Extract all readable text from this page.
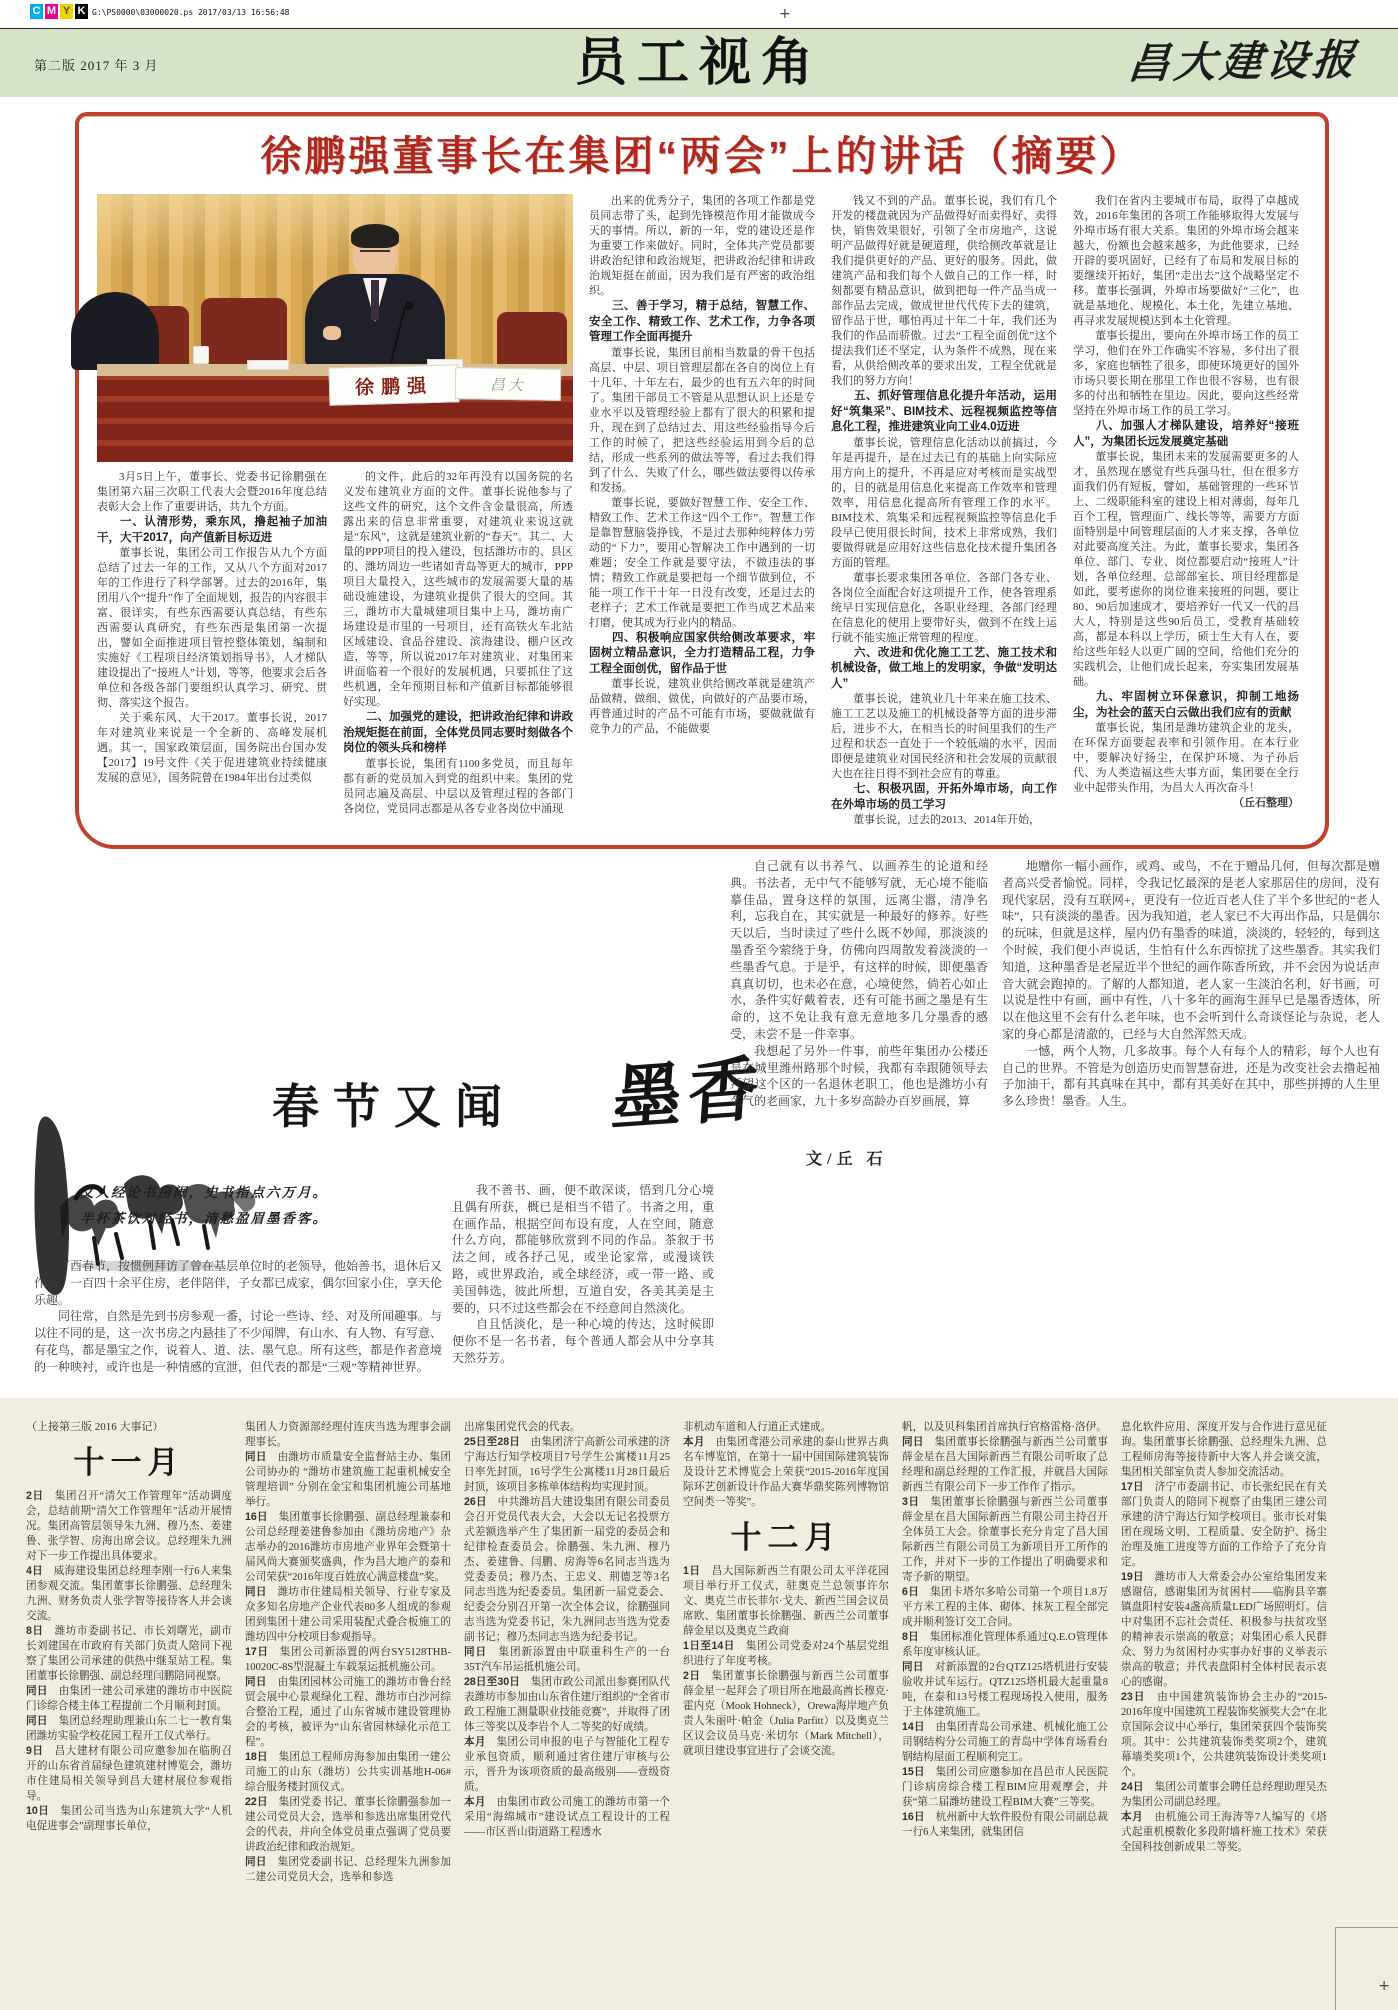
C M Y K G:\PS0000\03000020.ps 2017/03/13 16:56:48	+
第二版 2017 年 3 月	员工视角	昌大建设报
徐鹏强董事长在集团“两会”上的讲话（摘要）
徐鹏强	昌大

3月5日上午，董事长、党委书记徐鹏强在集团第六届三次职工代表大会暨2016年度总结表彰大会上作了重要讲话，共九个方面。

一、认清形势，乘东风，撸起袖子加油干，大干2017，向产值新目标迈进

董事长说，集团公司工作报告从九个方面总结了过去一年的工作，又从八个方面对2017年的工作进行了科学部署。过去的2016年，集团用八个“提升”作了全面规划，报告的内容很丰富、很详实，有些东西需要认真总结，有些东西需要认真研究，有些东西是集团第一次提出，譬如全面推进项目管控整体策划，编制和实施好《工程项目经济策划指导书》，人才梯队建设提出了“接班人”计划，等等，他要求会后各单位和各级各部门要组织认真学习、研究、贯彻、落实这个报告。

关于乘东风、大干2017。董事长说，2017年对建筑业来说是一个全新的、高峰发展机遇。其一，国家政策层面，国务院出台国办发【2017】19号文件《关于促进建筑业持续健康发展的意见》，国务院曾在1984年出台过类似

的文件，此后的32年再没有以国务院的名义发布建筑业方面的文件。董事长说他参与了这些文件的研究，这个文件含金量很高，所透露出来的信息非常重要，对建筑业来说这就是“东风”，这就是建筑业新的“春天”。其二、大量的PPP项目的投入建设，包括潍坊市的、县区的、潍坊周边一些诸如青岛等更大的城市，PPP项目大量投入，这些城市的发展需要大量的基础设施建设，为建筑业提供了很大的空间。其三，潍坊市大量城建项目集中上马，潍坊南广场建设是市里的一号项目，还有高铁火车北站区域建设、食品谷建设、滨海建设、棚户区改造，等等，所以说2017年对建筑业、对集团来讲面临着一个很好的发展机遇，只要抓住了这些机遇，全年预期目标和产值新目标都能够很好实现。

二、加强党的建设，把讲政治纪律和讲政治规矩挺在前面，全体党员同志要时刻做各个岗位的领头兵和榜样

董事长说，集团有1100多党员，而且每年都有新的党员加入到党的组织中来。集团的党员同志遍及高层、中层以及管理过程的各部门各岗位，党员同志都是从各专业各岗位中涌现

出来的优秀分子，集团的各项工作都是党员同志带了头，起到先锋模范作用才能做成今天的事情。所以，新的一年，党的建设还是作为重要工作来做好。同时，全体共产党员都要讲政治纪律和政治规矩，把讲政治纪律和讲政治规矩挺在前面，因为我们是有严密的政治组织。

三、善于学习，精于总结，智慧工作、安全工作、精致工作、艺术工作，力争各项管理工作全面再提升

董事长说，集团目前相当数量的骨干包括高层、中层、项目管理层都在各自的岗位上有十几年、十年左右，最少的也有五六年的时间了。集团干部员工不管是从思想认识上还是专业水平以及管理经验上都有了很大的积累和提升，现在到了总结过去、用这些经验指导今后工作的时候了，把这些经验运用到今后的总结，形成一些系列的做法等等，看过去我们得到了什么、失败了什么，哪些做法要得以传承和发扬。

董事长说，要做好智慧工作、安全工作、精致工作、艺术工作这“四个工作”。智慧工作是靠智慧脑袋挣钱，不是过去那种纯粹体力劳动的“下力”，要用心智解决工作中遇到的一切难题；安全工作就是要守法，不做违法的事情；精致工作就是要把每一个细节做到位，不能一项工作干十年一日没有改变，还是过去的老样子；艺术工作就是要把工作当成艺术品来打磨，使其成为行业内的精品。

四、积极响应国家供给侧改革要求，牢固树立精品意识，全力打造精品工程，力争工程全面创优，留作品于世

董事长说，建筑业供给侧改革就是建筑产品做精、做细、做优，向做好的产品要市场，再普通过时的产品不可能有市场，要做就做有竞争力的产品，不能做要

钱又不到的产品。董事长说，我们有几个开发的楼盘就因为产品做得好而卖得好、卖得快，销售效果很好，引领了全市房地产，这说明产品做得好就是硬道理，供给侧改革就是让我们提供更好的产品、更好的服务。因此，做建筑产品和我们每个人做自己的工作一样，时刻都要有精品意识，做到把每一件产品当成一部作品去完成，做成世世代代传下去的建筑，留作品于世，哪怕再过十年二十年，我们还为我们的作品而骄傲。过去“工程全面创优”这个提法我们还不坚定，认为条件不成熟，现在来看，从供给侧改革的要求出发，工程全优就是我们的努力方向！

五、抓好管理信息化提升年活动，运用好“筑集采”、BIM技术、远程视频监控等信息化工程，推进建筑业向工业4.0迈进

董事长说，管理信息化活动以前搞过，今年是再提升，是在过去已有的基础上向实际应用方向上的提升，不再是应对考核而是实战型的，目的就是用信息化来提高工作效率和管理效率，用信息化提高所有管理工作的水平。BIM技术、筑集采和远程视频监控等信息化手段早已使用很长时间，技术上非常成熟，我们要做得就是应用好这些信息化技术提升集团各方面的管理。

董事长要求集团各单位、各部门各专业、各岗位全面配合好这项提升工作，使各管理系统早日实现信息化，各职业经理、各部门经理在信息化的使用上要带好头，做到不在线上运行就不能实施正常管理的程度。

六、改进和优化施工工艺、施工技术和机械设备，做工地上的发明家，争做“发明达人”

董事长说，建筑业几十年来在施工技术、施工工艺以及施工的机械设备等方面的进步滞后，进步不大，在相当长的时间里我们的生产过程和状态一直处于一个较低端的水平，因而即便是建筑业对国民经济和社会发展的贡献很大也在往日得不到社会应有的尊重。

七、积极巩固，开拓外埠市场，向工作在外埠市场的员工学习

董事长说，过去的2013、2014年开始，

我们在省内主要城市布局，取得了卓越成效，2016年集团的各项工作能够取得大发展与外埠市场有很大关系。集团的外埠市场会越来越大，份额也会越来越多，为此他要求，已经开辟的要巩固好，已经有了布局和发展目标的要继续开拓好，集团“走出去”这个战略坚定不移。董事长强调，外埠市场要做好“三化”，也就是基地化、规模化、本土化，先建立基地、再寻求发展规模达到本土化管理。

董事长提出，要向在外埠市场工作的员工学习，他们在外工作确实不容易，多付出了很多，家庭也牺牲了很多，即使环境更好的国外市场只要长期在那里工作也很不容易，也有很多的付出和牺牲在里边。因此，要向这些经常坚持在外埠市场工作的员工学习。

八、加强人才梯队建设，培养好“接班人”，为集团长远发展奠定基础

董事长说，集团未来的发展需要更多的人才，虽然现在感觉有些兵强马壮，但在很多方面我们仍有短板，譬如，基础管理的一些环节上、二级职能科室的建设上相对薄弱，每年几百个工程，管理面广、线长等等，需要方方面面特别是中间管理层面的人才来支撑，各单位对此要高度关注。为此，董事长要求，集团各单位、部门、专业、岗位都要启动“接班人”计划，各单位经理、总部部室长、项目经理都是如此，要考虑你的岗位谁来接班的问题，要让80、90后加速成才，要培养好一代又一代的昌大人，特别是这些90后员工，受教育基础较高，都是本科以上学历，硕士生大有人在，要给这些年轻人以更广阔的空间，给他们充分的实践机会，让他们成长起来，夯实集团发展基础。

九、牢固树立环保意识，抑制工地扬尘，为社会的蓝天白云做出我们应有的贡献

董事长说，集团是潍坊建筑企业的龙头，在环保方面要起表率和引领作用。在本行业中，要解决好扬尘，在保护环境、为子孙后代、为人类造福这些大事方面，集团要在全行业中起带头作用，为昌大人再次奋斗！
（丘石整理）

春节又闻 墨香
文/丘 石
文人经论书房闹，史书指点六万月。
半杯茶饮对经书，清愁盈眉墨香客。

丁酉春节，按惯例拜访了曾在基层单位时的老领导，他始善书，退休后又作画。一百四十余平住房，老伴陪伴，子女都已成家，偶尔回家小住，享天伦乐趣。

同往常，自然是先到书房参观一番，讨论一些诗、经、对及所闻趣事。与以往不同的是，这一次书房之内悬挂了不少闻牌，有山水、有人物、有写意、有花鸟，都是墨宝之作，说着人、道、法、墨气息。所有这些，都是作者意境的一种映衬，或许也是一种情感的宣泄，但代表的都是“三观”等精神世界。

我不善书、画，便不敢深谈，悟到几分心境且偶有所获，概已是相当不错了。书斋之用，重在画作品，根据空间布设有度，人在空间，随意什么方向，都能够欣赏到不同的作品。茶叙于书法之间，或各抒己见，或坐论家常，或漫谈铁路，或世界政治，或全球经济，或一带一路、或美国韩选，彼此所想，互道自安，各美其美是主要的，只不过这些都会在不经意间自然淡化。

自且恬淡化，是一种心境的传达，这时候即便你不是一名书者，每个普通人都会从中分享其天然芬芳。

自己就有以书养气、以画养生的论道和经典。书法者，无中气不能够写就，无心境不能临摹佳品，置身这样的氛围，远离尘嚣，清净名利，忘我自在，其实就是一种最好的修养。好些天以后，当时读过了些什么既不妙闻，那淡淡的墨香至今萦绕于身，仿佛向四周散发着淡淡的一些墨香气息。于是乎，有这样的时候，即便墨香真真切切，也未必在意，心境使然，倘若心如止水，条件实好戴着表，还有可能书画之墨是有生命的，这不免让我有意无意地多几分墨香的感受，未尝不是一件幸事。

我想起了另外一件事，前些年集团办公楼还是在城里潍州路那个时候，我都有幸跟随领导去拜望这个区的一名退休老职工，他也是潍坊小有名气的老画家，九十多岁高龄办百岁画展，算

地赠你一幅小画作，或鸡、或鸟，不在于赠品几何，但每次都是赠者高兴受者愉悦。同样，令我记忆最深的是老人家那居住的房间，没有现代家居，没有互联网+，更没有一位近百老人住了半个多世纪的“老人味”，只有淡淡的墨香。因为我知道，老人家已不大再出作品，只是偶尔的玩味，但就是这样，屋内仍有墨香的味道，淡淡的，轻轻的，每到这个时候，我们便小声说话，生怕有什么东西惊扰了这些墨香。其实我们知道，这种墨香是老屋近半个世纪的画作陈香所致，并不会因为说话声音大就会跑掉的。了解的人都知道，老人家一生淡泊名利，好书画，可以说是性中有画，画中有性，八十多年的画海生涯早已是墨香透体，所以在他这里不会有什么老年味，也不会听到什么奇谈怪论与杂说，老人家的身心都是清澈的，已经与大自然浑然天成。

一憾，两个人物，几多故事。每个人有每个人的精彩，每个人也有自己的世界。不管是为创造历史而智慧奋进，还是为改变社会去撸起袖子加油干，都有其真味在其中，都有其美好在其中，那些拼搏的人生里多么珍贵！墨香。人生。

（上接第三版 2016 大事记）

十一月

2日　集团召开“清欠工作管理年”活动调度会，总结前期“清欠工作管理年”活动开展情况。集团高管层领导朱九洲、穆乃杰、姜建鲁、张学智、房海出席会议。总经理朱九洲对下一步工作提出具体要求。

4日　威海建设集团总经理李刚一行6人来集团参观交流。集团董事长徐鹏强、总经理朱九洲、财务负责人张学智等接待客人并会谈交流。

8日　潍坊市委副书记、市长刘曙光，副市长刘建国在市政府有关部门负责人陪同下视察了集团公司承建的供热中继泵站工程。集团董事长徐鹏强、副总经理闫鹏陪同视察。

同日　由集团一建公司承建的潍坊市中医院门诊综合楼主体工程提前二个月顺利封顶。

同日　集团总经理助理兼山东二七一教育集团潍坊实验学校花园工程开工仪式举行。

9日　昌大建材有限公司应邀参加在临朐召开的山东省首届绿色建筑建材博览会，潍坊市住建局相关领导到昌大建材展位参观指导。

10日　集团公司当选为山东建筑大学“人机电促进事会”副理事长单位，

集团人力资源部经理付连庆当选为理事会副理事长。

同日　由潍坊市质量安全监督站主办、集团公司协办的 “潍坊市建筑施工起重机械安全管理培训” 分别在金宝和集团机施公司基地举行。

16日　集团董事长徐鹏强、副总经理兼泰和公司总经理姜建鲁参加由《潍坊房地产》杂志举办的2016潍坊市房地产业界年会暨第十届风尚大赛颁奖盛典，作为昌大地产的泰和公司荣获“2016年度百姓放心满意楼盘”奖。

同日　潍坊市住建局相关领导、行业专家及众多知名房地产企业代表80多人组成的参观团到集团十建公司采用装配式叠合板施工的潍坊四中分校项目参观指导。

17日　集团公司新添置的两台SY5128THB-10020C-8S型混凝土车载泵运抵机施公司。

同日　由集团园林公司施工的潍坊市鲁台经贸会展中心景观绿化工程、潍坊市白沙河综合整治工程，通过了山东省城市建设管理协会的考核，被评为“山东省园林绿化示范工程”。

18日　集团总工程师房海参加由集团一建公司施工的山东（潍坊）公共实训基地H-06#综合服务楼封顶仪式。

22日　集团党委书记、董事长徐鹏强参加一建公司党员大会，选举和参选出席集团党代会的代表，并向全体党员重点强调了党员要讲政治纪律和政治规矩。

同日　集团党委副书记、总经理朱九洲参加二建公司党员大会，选举和参选

出席集团党代会的代表。

25日至28日　由集团济宁高新公司承建的济宁海达行知学校项目7号学生公寓楼11月25日率先封顶，16号学生公寓楼11月28日最后封顶，该项目多栋单体结构均实现封顶。

26日　中共潍坊昌大建设集团有限公司委员会召开党员代表大会，大会以无记名投票方式差额选举产生了集团新一届党的委员会和纪律检查委员会。徐鹏强、朱九洲、穆乃杰、姜建鲁、闫鹏、房海等6名同志当选为党委委员；穆乃杰、王忠义、荆德芝等3名同志当选为纪委委员。集团新一届党委会、纪委会分别召开第一次全体会议，徐鹏强同志当选为党委书记，朱九洲同志当选为党委副书记；穆乃杰同志当选为纪委书记。

同日　集团新添置由中联重科生产的一台35T汽车吊运抵机施公司。

28日至30日　集团市政公司派出参赛团队代表潍坊市参加由山东省住建厅组织的“全省市政工程施工测量职业技能竞赛”，并取得了团体三等奖以及李岩个人二等奖的好成绩。

本月　集团公司申报的电子与智能化工程专业承包资质，顺利通过省住建厅审核与公示，晋升为该项资质的最高级别——壹级资质。

本月　由集团市政公司施工的潍坊市第一个采用“海绵城市”建设试点工程设计的工程——市区晋山街道路工程透水

非机动车道和人行道正式建成。

本月　由集团鸢港公司承建的泰山世界古典名车博览馆，在第十一届中国国际建筑装饰及设计艺术博览会上荣获“2015-2016年度国际环艺创新设计作品大赛华鼎奖陈列博物馆空间类一等奖”。

十二月

1日　昌大国际新西兰有限公司太平洋花园项目举行开工仪式，驻奥克兰总领事许尔文、奥克兰市长菲尔·戈夫、新西兰国会议员席欧、集团董事长徐鹏强、新西兰公司董事薛金星以及奥克兰政商

1日至14日　集团公司党委对24个基层党组织进行了年度考核。

2日　集团董事长徐鹏强与新西兰公司董事薛金星一起拜会了项目所在地最高酋长穆克·霍内克（Mook Hohneck），Orewa海岸地产负责人朱丽叶·帕金（Julia Parfitt）以及奥克兰区议会议员马克·米切尔（Mark Mitchell），就项目建设事宜进行了会谈交流。

帆，以及贝科集团首席执行官格雷格·洛伊。

同日　集团董事长徐鹏强与新西兰公司董事薛金星在昌大国际新西兰有限公司听取了总经理和副总经理的工作汇报，并就昌大国际新西兰有限公司下一步工作作了指示。

3日　集团董事长徐鹏强与新西兰公司董事薛金星在昌大国际新西兰有限公司主持召开全体员工大会。徐董事长充分肯定了昌大国际新西兰有限公司员工为新项目开工所作的工作，并对下一步的工作提出了明确要求和寄予新的期望。

6日　集团卡塔尔多哈公司第一个项目1.8万平方米工程的主体、砌体、抹灰工程全部完成并顺利签订交工合同。

8日　集团标准化管理体系通过Q.E.O管理体系年度审核认证。

同日　对新添置的2台QTZ125塔机进行安装验收并试车运行。QTZ125塔机最大起重量8吨，在泰和13号楼工程现场投入使用，服务于主体建筑施工。

14日　由集团青岛公司承建、机械化施工公司钢结构分公司施工的青岛中学体育场看台钢结构屋面工程顺利完工。

15日　集团公司应邀参加在昌邑市人民医院门诊病房综合楼工程BIM应用观摩会，并获“第二届潍坊建设工程BIM大赛”三等奖。

16日　杭州新中大软件股份有限公司副总裁一行6人来集团，就集团信

息化软件应用、深度开发与合作进行意见征询。集团董事长徐鹏强、总经理朱九洲、总工程师房海等接待新中大客人并会谈交流，集团相关部室负责人参加交流活动。

17日　济宁市委副书记、市长张纪民在有关部门负责人的陪同下视察了由集团三建公司承建的济宁海达行知学校项目。张市长对集团在现场文明、工程质量、安全防护、扬尘治理及施工进度等方面的工作给予了充分肯定。

19日　潍坊市人大常委会办公室给集团发来感谢信，感谢集团为贫困村——临朐县辛寨镇盘阳村安装4盏高质量LED广场照明灯。信中对集团不忘社会责任、积极参与扶贫攻坚的精神表示崇高的敬意；对集团心系人民群众、努力为贫困村办实事办好事的义举表示崇高的敬意；并代表盘阳村全体村民表示衷心的感谢。

23日　由中国建筑装饰协会主办的“2015-2016年度中国建筑工程装饰奖颁奖大会”在北京国际会议中心举行，集团荣获四个装饰奖项。其中：公共建筑装饰类奖项2个，建筑幕墙类奖项1个，公共建筑装饰设计类奖项1个。

24日　集团公司董事会聘任总经理助理吴杰为集团公司副总经理。

本月　由机施公司王海涛等7人编写的《塔式起重机模数化多段附墙杆施工技术》荣获全国科技创新成果二等奖。

+
